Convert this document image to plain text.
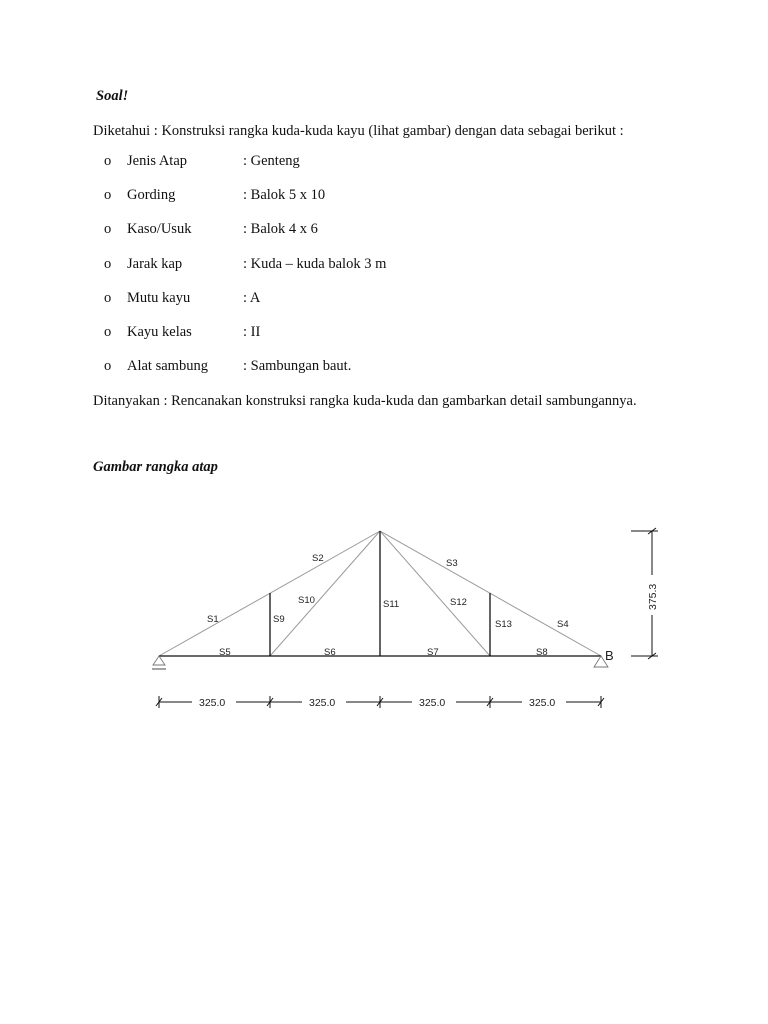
Soal!
Diketahui : Konstruksi rangka kuda-kuda kayu (lihat gambar) dengan data sebagai berikut :
o Jenis Atap	: Genteng
o Gording	: Balok 5 x 10
o Kaso/Usuk	: Balok 4 x 6
o Jarak kap	: Kuda – kuda balok 3 m
o Mutu kayu	: A
o Kayu kelas	: II
o Alat sambung : Sambungan baut.
Ditanyakan : Rencanakan konstruksi rangka kuda-kuda dan gambarkan detail sambungannya.
Gambar rangka atap
S1
S2	S3
S4
S5	S6	S7	S8
S9
S10	S11	S12
S13
B
325.0	325.0	325.0	325.0
375.3
